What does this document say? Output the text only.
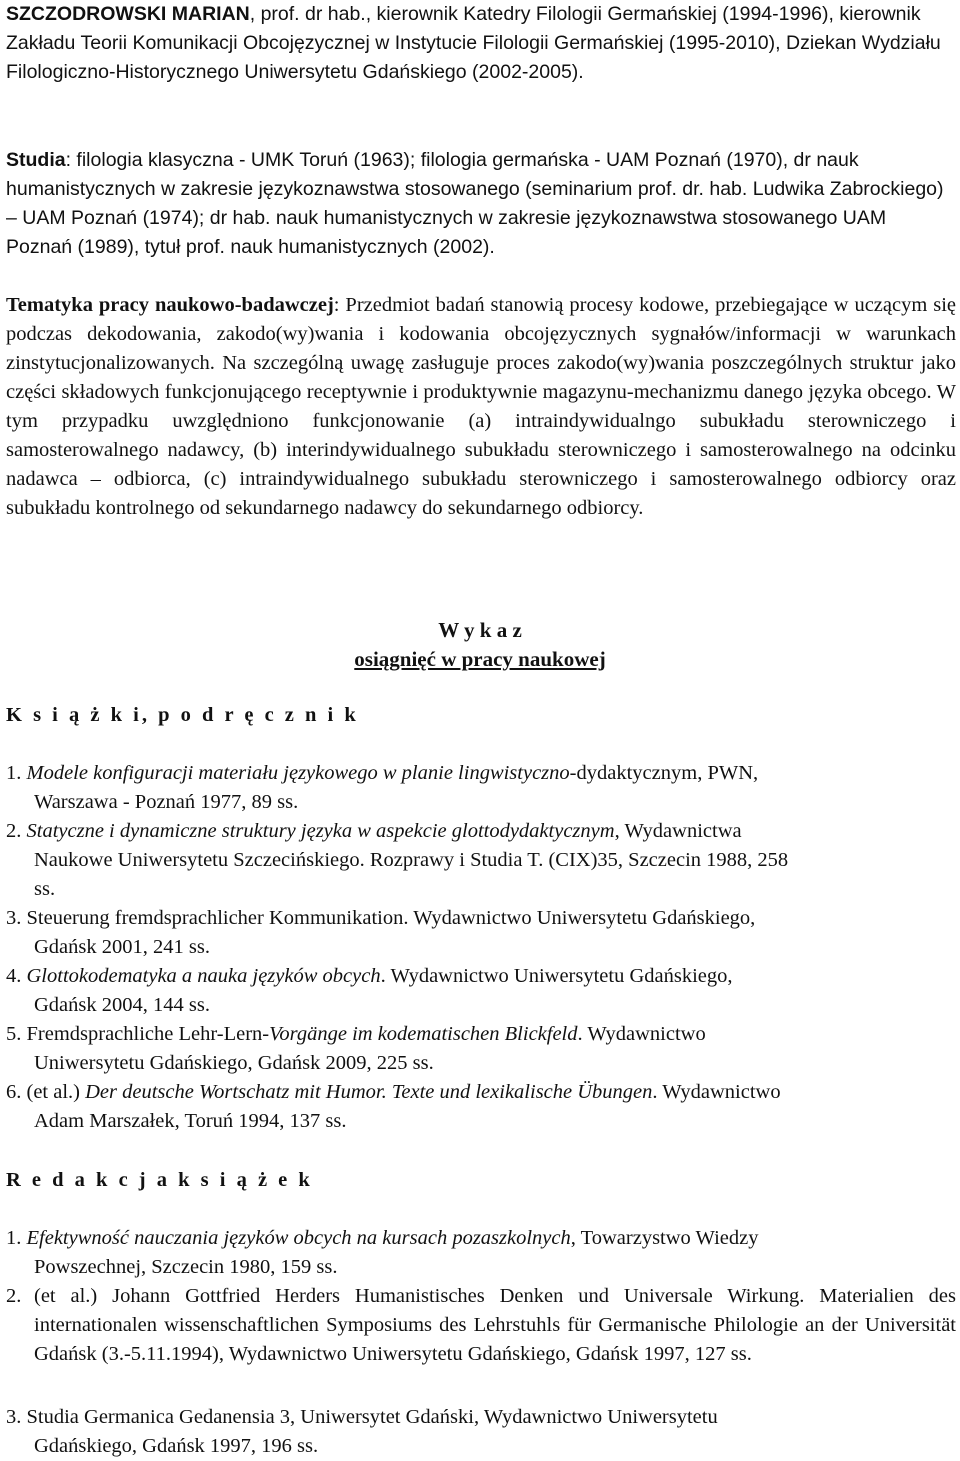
SZCZODROWSKI MARIAN, prof. dr hab., kierownik Katedry Filologii Germańskiej (1994-1996), kierownik Zakładu Teorii Komunikacji Obcojęzycznej w Instytucie Filologii Germańskiej (1995-2010), Dziekan Wydziału Filologiczno-Historycznego Uniwersytetu Gdańskiego (2002-2005).

Studia: filologia klasyczna - UMK Toruń (1963); filologia germańska - UAM Poznań (1970), dr nauk humanistycznych w zakresie językoznawstwa stosowanego (seminarium prof. dr. hab. Ludwika Zabrockiego) – UAM Poznań (1974); dr hab. nauk humanistycznych w zakresie językoznawstwa stosowanego UAM Poznań (1989), tytuł prof. nauk humanistycznych (2002).

Tematyka pracy naukowo-badawczej: Przedmiot badań stanowią procesy kodowe, przebiegające w uczącym się podczas dekodowania, zakodo(wy)wania i kodowania obcojęzycznych sygnałów/informacji w warunkach zinstytucjonalizowanych. Na szczególną uwagę zasługuje proces zakodo(wy)wania poszczególnych struktur jako części składowych funkcjonującego receptywnie i produktywnie magazynu-mechanizmu danego języka obcego. W tym przypadku uwzględniono funkcjonowanie (a) intraindywidualngo subukładu sterowniczego i samosterowalnego nadawcy, (b) interindywidualnego subukładu sterowniczego i samosterowalnego na odcinku nadawca – odbiorca, (c) intraindywidualnego subukładu sterowniczego i samosterowalnego odbiorcy oraz subukładu kontrolnego od sekundarnego nadawcy do sekundarnego odbiorcy.

W y k a z

osiągnięć w pracy naukowej

K s i ą ż k i, p o d r ę c z n i k

1. Modele konfiguracji materiału językowego w planie lingwistyczno-dydaktycznym, PWN,
Warszawa - Poznań 1977, 89 ss.
2. Statyczne i dynamiczne struktury języka w aspekcie glottodydaktycznym, Wydawnictwa
Naukowe Uniwersytetu Szczecińskiego. Rozprawy i Studia T. (CIX)35, Szczecin 1988, 258
ss.
3. Steuerung fremdsprachlicher Kommunikation. Wydawnictwo Uniwersytetu Gdańskiego,
Gdańsk 2001, 241 ss.
4. Glottokodematyka a nauka języków obcych. Wydawnictwo Uniwersytetu Gdańskiego,
Gdańsk 2004, 144 ss.
5. Fremdsprachliche Lehr-Lern-Vorgänge im kodematischen Blickfeld. Wydawnictwo
Uniwersytetu Gdańskiego, Gdańsk 2009, 225 ss.
6. (et al.) Der deutsche Wortschatz mit Humor. Texte und lexikalische Übungen. Wydawnictwo
Adam Marszałek, Toruń 1994, 137 ss.

R e d a k c j a k s i ą ż e k

1. Efektywność nauczania języków obcych na kursach pozaszkolnych, Towarzystwo Wiedzy
Powszechnej, Szczecin 1980, 159 ss.
2. (et al.) Johann Gottfried Herders Humanistisches Denken und Universale Wirkung. Materialien des internationalen wissenschaftlichen Symposiums des Lehrstuhls für Germanische Philologie an der Universität Gdańsk (3.-5.11.1994), Wydawnictwo Uniwersytetu Gdańskiego, Gdańsk 1997, 127 ss.
3. Studia Germanica Gedanensia 3, Uniwersytet Gdański, Wydawnictwo Uniwersytetu
Gdańskiego, Gdańsk 1997, 196 ss.
